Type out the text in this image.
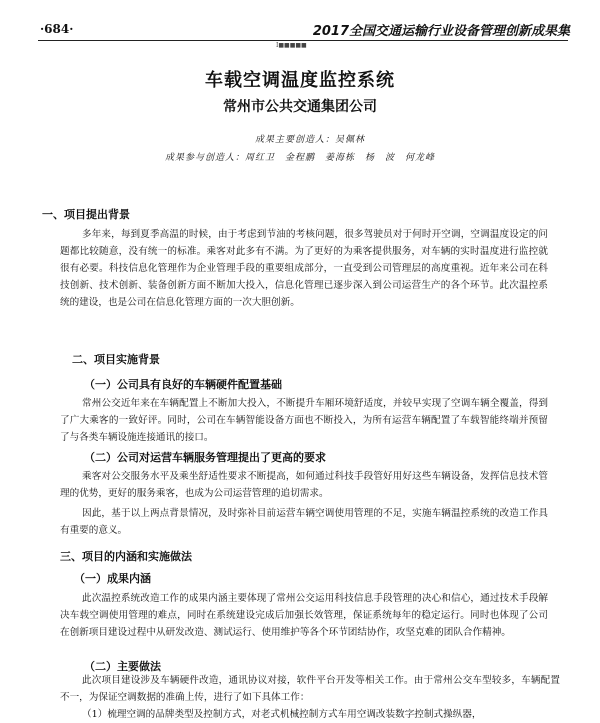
·684·	2017全国交通运输行业设备管理创新成果集
Ⅰ■■■■■
车载空调温度监控系统
常州市公共交通集团公司
成果主要创造人：吴佩林
成果参与创造人：周红卫　金程鹏　姜海栋　杨　波　何龙峰
一、项目提出背景

多年来，每到夏季高温的时候，由于考虑到节油的考核问题，很多驾驶员对于何时开空调，空调温度设定的问题都比较随意，没有统一的标准。乘客对此多有不满。为了更好的为乘客提供服务，对车辆的实时温度进行监控就很有必要。科技信息化管理作为企业管理手段的重要组成部分，一直受到公司管理层的高度重视。近年来公司在科技创新、技术创新、装备创新方面不断加大投入，信息化管理已逐步深入到公司运营生产的各个环节。此次温控系统的建设，也是公司在信息化管理方面的一次大胆创新。

二、项目实施背景
（一）公司具有良好的车辆硬件配置基础

常州公交近年来在车辆配置上不断加大投入，不断提升车厢环境舒适度，并较早实现了空调车辆全覆盖，得到了广大乘客的一致好评。同时，公司在车辆智能设备方面也不断投入，为所有运营车辆配置了车载智能终端并预留了与各类车辆设施连接通讯的接口。

（二）公司对运营车辆服务管理提出了更高的要求

乘客对公交服务水平及乘坐舒适性要求不断提高，如何通过科技手段管好用好这些车辆设备，发挥信息技术管理的优势，更好的服务乘客，也成为公司运营管理的追切需求。

因此，基于以上两点背景情况，及时弥补目前运营车辆空调使用管理的不足，实施车辆温控系统的改造工作具有重要的意义。

三、项目的内涵和实施做法
（一）成果内涵

此次温控系统改造工作的成果内涵主要体现了常州公交运用科技信息手段管理的决心和信心，通过技术手段解决车载空调使用管理的难点，同时在系统建设完成后加强长效管理，保证系统每年的稳定运行。同时也体现了公司在创新项目建设过程中从研发改造、测试运行、使用维护等各个环节团结协作，攻坚克难的团队合作精神。

（二）主要做法

此次项目建设涉及车辆硬件改造，通讯协议对接，软件平台开发等相关工作。由于常州公交车型较多，车辆配置不一，为保证空调数据的准确上传，进行了如下具体工作：

（1）梳理空调的品牌类型及控制方式，对老式机械控制方式车用空调改装数字控制式操纵器，
